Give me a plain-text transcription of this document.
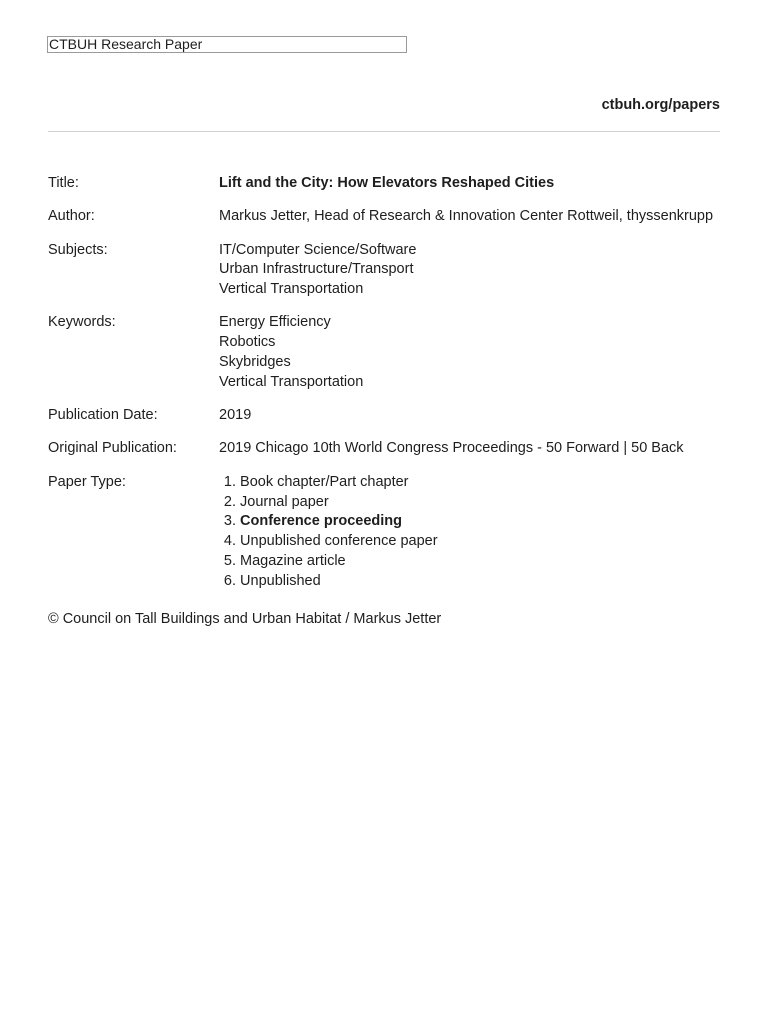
CTBUH Research Paper
ctbuh.org/papers
Title:	Lift and the City: How Elevators Reshaped Cities
Author:	Markus Jetter, Head of Research & Innovation Center Rottweil, thyssenkrupp
Subjects:	IT/Computer Science/Software
Urban Infrastructure/Transport
Vertical Transportation
Keywords:	Energy Efficiency
Robotics
Skybridges
Vertical Transportation
Publication Date:	2019
Original Publication:	2019 Chicago 10th World Congress Proceedings - 50 Forward | 50 Back
Paper Type:	1.
Book chapter/Part chapter
2.
Journal paper
3.
Conference proceeding
4.
Unpublished conference paper
5.
Magazine article
6.
Unpublished
© Council on Tall Buildings and Urban Habitat / Markus Jetter
